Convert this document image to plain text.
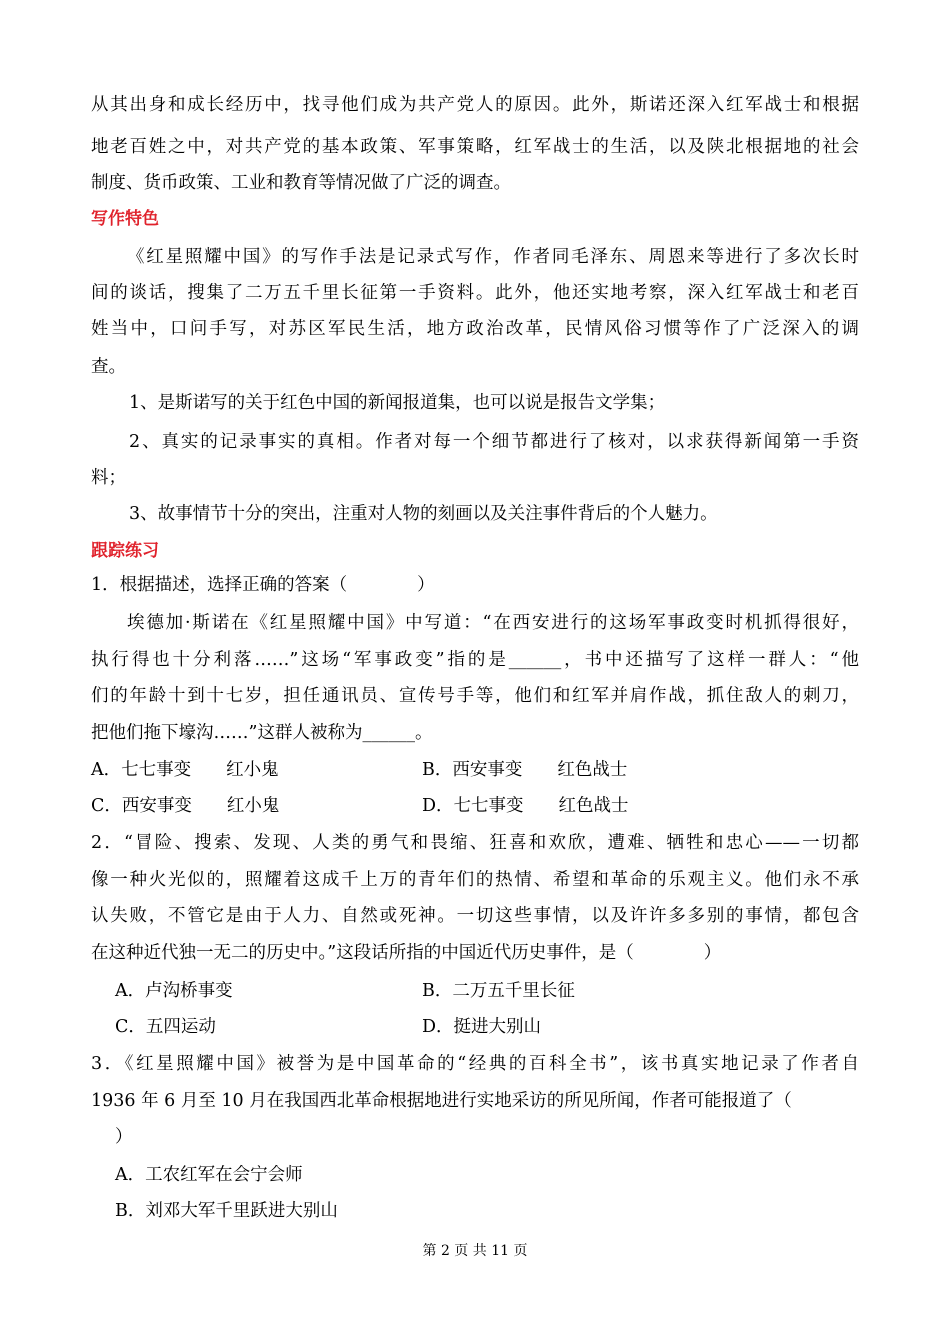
从其出身和成长经历中，找寻他们成为共产党人的原因。此外，斯诺还深入红军战士和根据
地老百姓之中，对共产党的基本政策、军事策略，红军战士的生活，以及陕北根据地的社会
制度、货币政策、工业和教育等情况做了广泛的调查。
写作特色
《红星照耀中国》的写作手法是记录式写作，作者同毛泽东、周恩来等进行了多次长时
间的谈话，搜集了二万五千里长征第一手资料。此外，他还实地考察，深入红军战士和老百
姓当中，口问手写，对苏区军民生活，地方政治改革，民情风俗习惯等作了广泛深入的调
查。
1、是斯诺写的关于红色中国的新闻报道集，也可以说是报告文学集；
2、真实的记录事实的真相。作者对每一个细节都进行了核对，以求获得新闻第一手资
料；
3、故事情节十分的突出，注重对人物的刻画以及关注事件背后的个人魅力。
跟踪练习
1．根据描述，选择正确的答案（　　　　）
埃德加·斯诺在《红星照耀中国》中写道：“在西安进行的这场军事政变时机抓得很好，
执行得也十分利落……”这场“军事政变”指的是______，书中还描写了这样一群人：“他
们的年龄十到十七岁，担任通讯员、宣传号手等，他们和红军并肩作战，抓住敌人的刺刀，
把他们拖下壕沟……”这群人被称为______。
A．七七事变　　红小鬼	B．西安事变　　红色战士
C．西安事变　　红小鬼	D．七七事变　　红色战士
2．“冒险、搜索、发现、人类的勇气和畏缩、狂喜和欢欣，遭难、牺牲和忠心——一切都
像一种火光似的，照耀着这成千上万的青年们的热情、希望和革命的乐观主义。他们永不承
认失败，不管它是由于人力、自然或死神。一切这些事情，以及许许多多别的事情，都包含
在这种近代独一无二的历史中。”这段话所指的中国近代历史事件，是（　　　　）
A．卢沟桥事变	B．二万五千里长征
C．五四运动	D．挺进大别山
3．《红星照耀中国》被誉为是中国革命的“经典的百科全书”，该书真实地记录了作者自
1936 年 6 月至 10 月在我国西北革命根据地进行实地采访的所见所闻，作者可能报道了（
）
A．工农红军在会宁会师
B．刘邓大军千里跃进大别山
第 2 页 共 11 页
